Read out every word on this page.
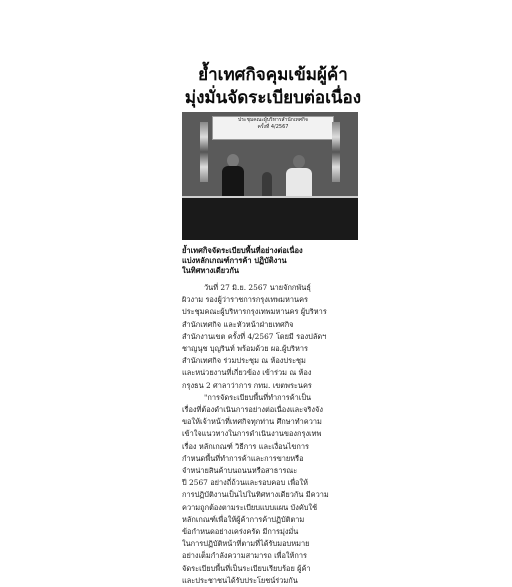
ย้ำเทศกิจคุมเข้มผู้ค้า
มุ่งมั่นจัดระเบียบต่อเนื่อง
ประชุมคณะผู้บริหารสำนักเทศกิจ
ครั้งที่ 4/2567
ย้ำเทศกิจจัดระเบียบพื้นที่อย่างต่อเนื่อง
แบ่งหลักเกณฑ์การค้า ปฏิบัติงาน
ในทิศทางเดียวกัน
วันที่ 27 มิ.ย. 2567 นายจักกพันธุ์
ผิวงาม รองผู้ว่าราชการกรุงเทพมหานคร
ประชุมคณะผู้บริหารกรุงเทพมหานคร ผู้บริหาร
สำนักเทศกิจ และหัวหน้าฝ่ายเทศกิจ
สำนักงานเขต ครั้งที่ 4/2567 โดยมี รองปลัดฯ
ชาญนุช บุญรินท์ พร้อมด้วย ผอ.ผู้บริหาร
สำนักเทศกิจ ร่วมประชุม ณ ห้องประชุม
และหน่วยงานที่เกี่ยวข้อง เข้าร่วม ณ ห้อง
กรุงธน 2 ศาลาว่าการ กทม. เขตพระนคร
"การจัดระเบียบพื้นที่ทำการค้าเป็น
เรื่องที่ต้องดำเนินการอย่างต่อเนื่องและจริงจัง
ขอให้เจ้าหน้าที่เทศกิจทุกท่าน ศึกษาทำความ
เข้าใจแนวทางในการดำเนินงานของกรุงเทพ
เรื่อง หลักเกณฑ์ วิธีการ และเงื่อนไขการ
กำหนดพื้นที่ทำการค้าและการขายหรือ
จำหน่ายสินค้าบนถนนหรือสาธารณะ
ปี 2567 อย่างถี่ถ้วนและรอบคอบ เพื่อให้
การปฏิบัติงานเป็นไปในทิศทางเดียวกัน มีความ
ความถูกต้องตามระเบียบแบบแผน บังคับใช้
หลักเกณฑ์เพื่อให้ผู้ค้าการค้าปฏิบัติตาม
ข้อกำหนดอย่างเคร่งครัด มีการมุ่งมั่น
ในการปฏิบัติหน้าที่ตามที่ได้รับมอบหมาย
อย่างเต็มกำลังความสามารถ เพื่อให้การ
จัดระเบียบพื้นที่เป็นระเบียบเรียบร้อย ผู้ค้า
และประชาชนได้รับประโยชน์ร่วมกัน
